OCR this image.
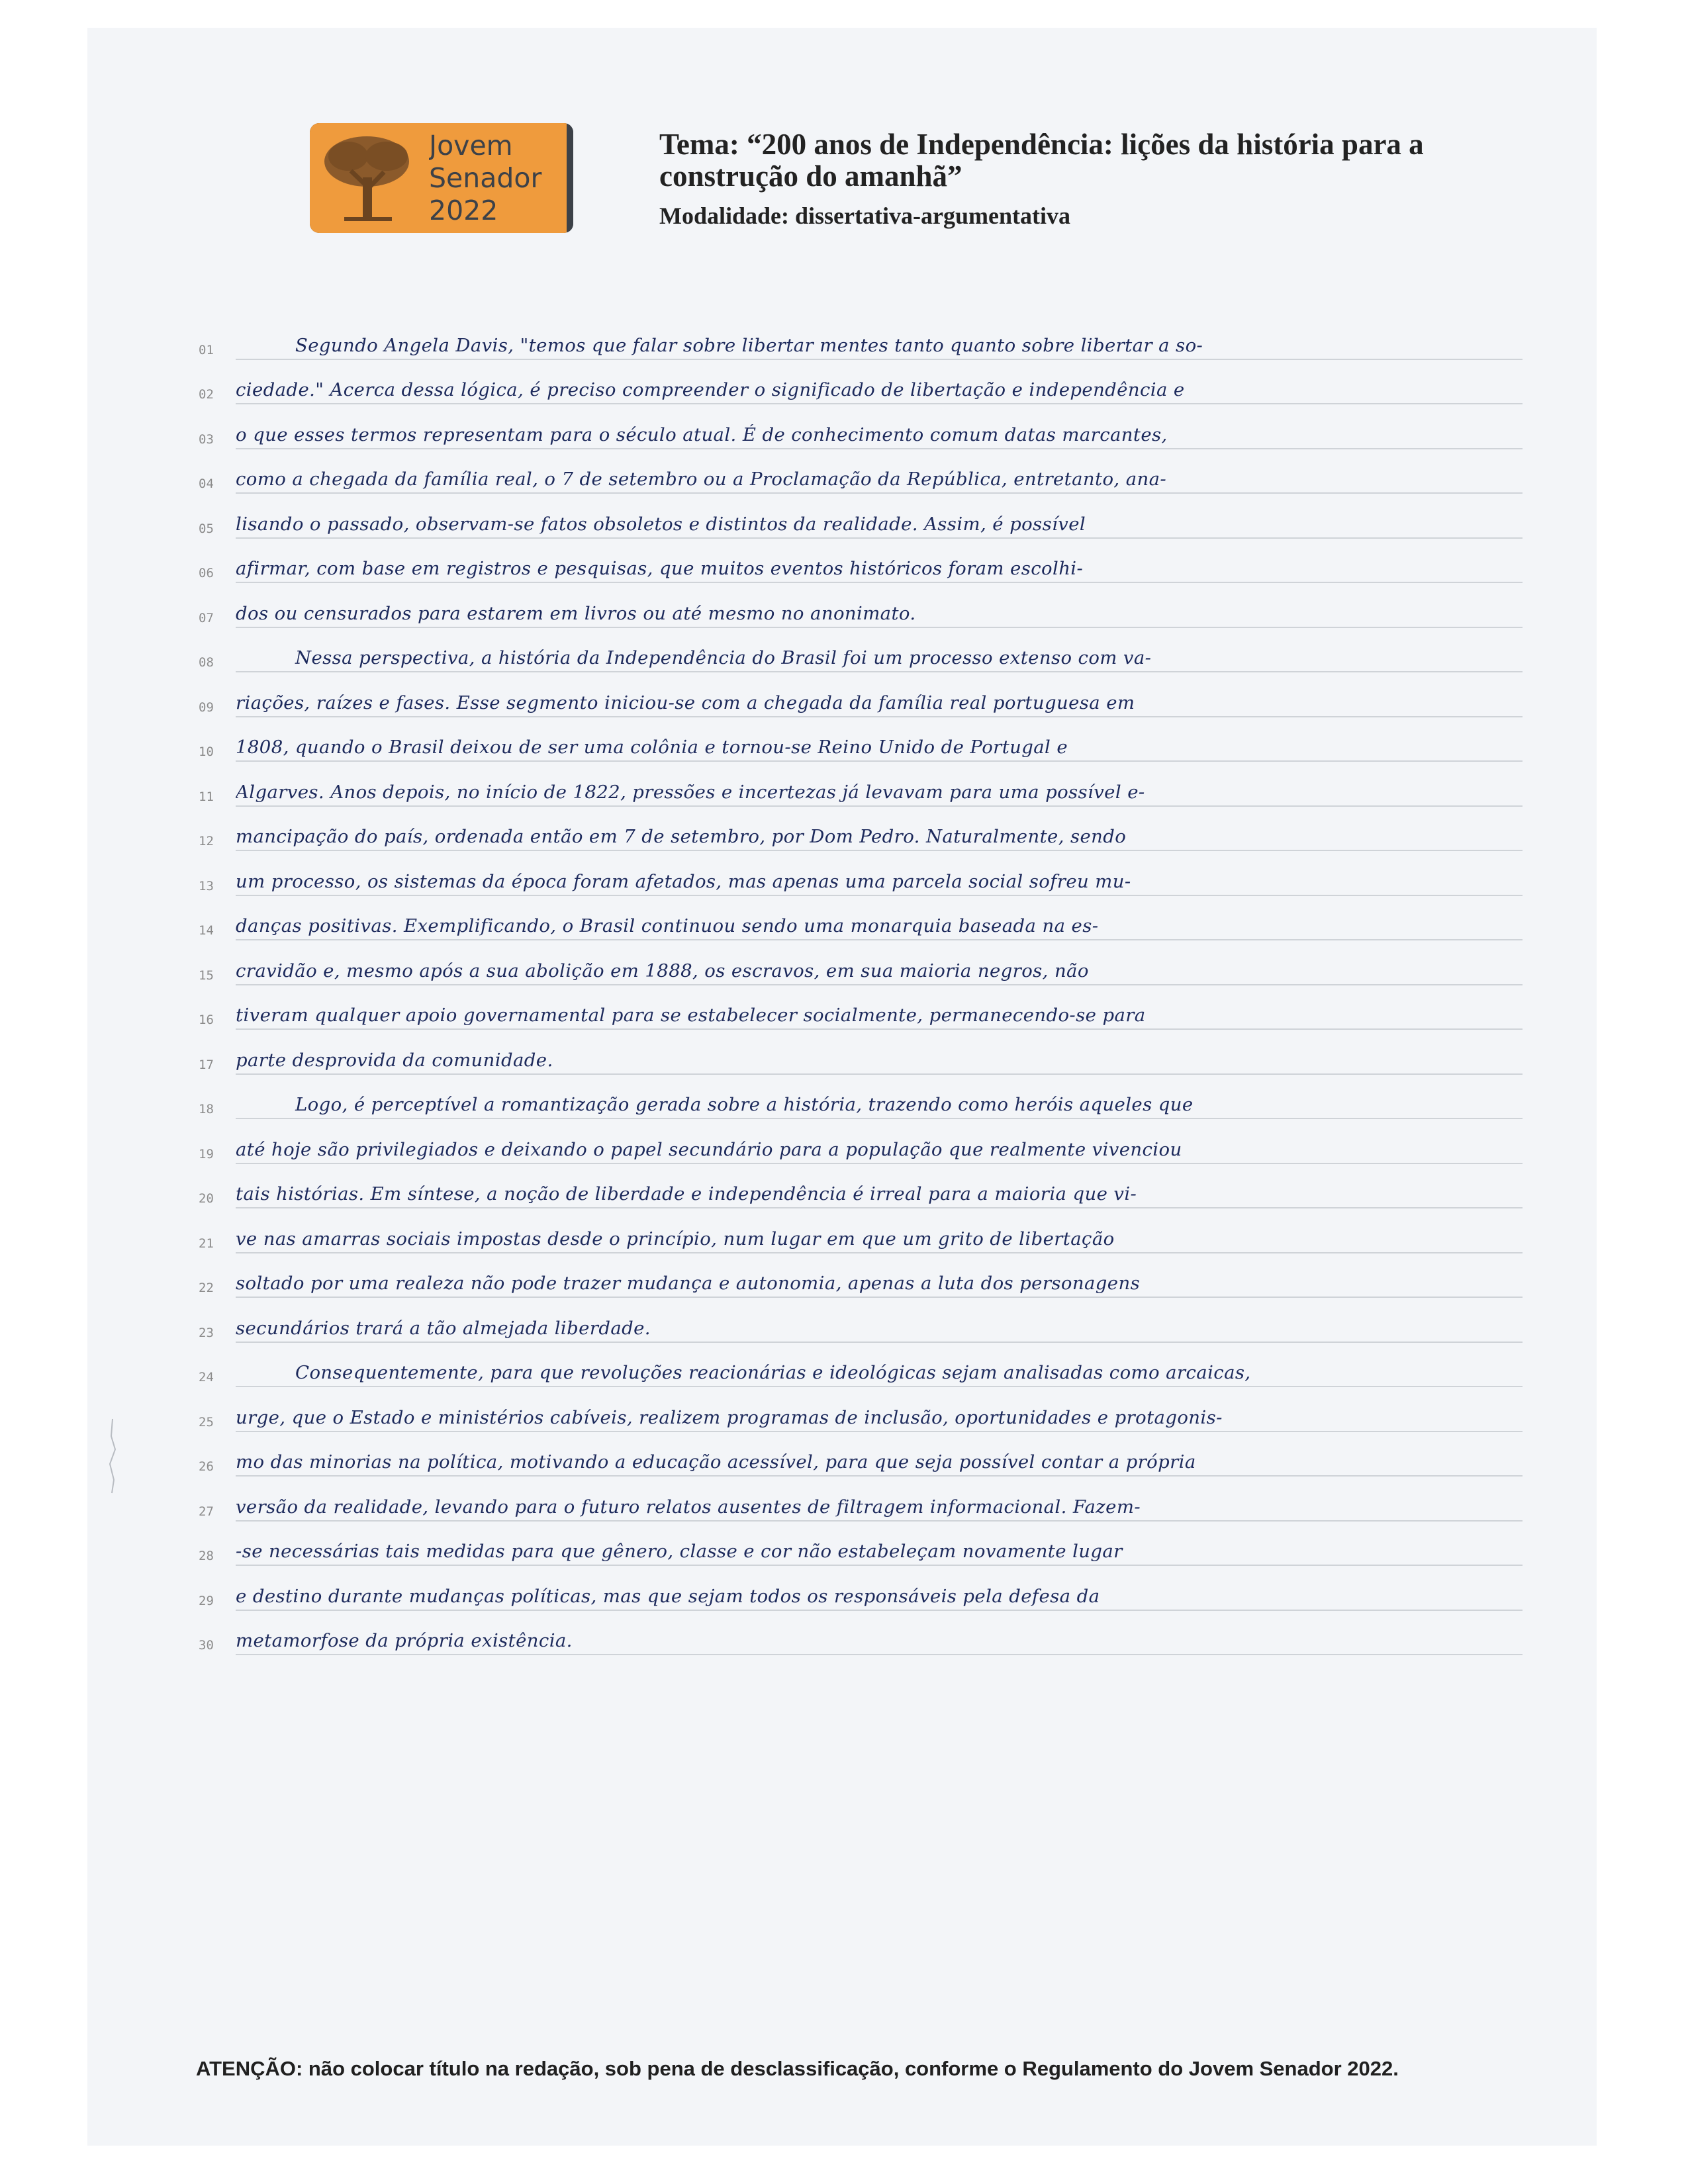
Jovem
Senador
2022

Tema: “200 anos de Independência: lições da história para a construção do amanhã”

Modalidade: dissertativa-argumentativa
01	Segundo Angela Davis, "temos que falar sobre libertar mentes tanto quanto sobre libertar a so-
02	ciedade." Acerca dessa lógica, é preciso compreender o significado de libertação e independência e
03	o que esses termos representam para o século atual. É de conhecimento comum datas marcantes,
04	como a chegada da família real, o 7 de setembro ou a Proclamação da República, entretanto, ana-
05	lisando o passado, observam-se fatos obsoletos e distintos da realidade. Assim, é possível
06	afirmar, com base em registros e pesquisas, que muitos eventos históricos foram escolhi-
07	dos ou censurados para estarem em livros ou até mesmo no anonimato.
08	Nessa perspectiva, a história da Independência do Brasil foi um processo extenso com va-
09	riações, raízes e fases. Esse segmento iniciou-se com a chegada da família real portuguesa em
10	1808, quando o Brasil deixou de ser uma colônia e tornou-se Reino Unido de Portugal e
11	Algarves. Anos depois, no início de 1822, pressões e incertezas já levavam para uma possível e-
12	mancipação do país, ordenada então em 7 de setembro, por Dom Pedro. Naturalmente, sendo
13	um processo, os sistemas da época foram afetados, mas apenas uma parcela social sofreu mu-
14	danças positivas. Exemplificando, o Brasil continuou sendo uma monarquia baseada na es-
15	cravidão e, mesmo após a sua abolição em 1888, os escravos, em sua maioria negros, não
16	tiveram qualquer apoio governamental para se estabelecer socialmente, permanecendo-se para
17	parte desprovida da comunidade.
18	Logo, é perceptível a romantização gerada sobre a história, trazendo como heróis aqueles que
19	até hoje são privilegiados e deixando o papel secundário para a população que realmente vivenciou
20	tais histórias. Em síntese, a noção de liberdade e independência é irreal para a maioria que vi-
21	ve nas amarras sociais impostas desde o princípio, num lugar em que um grito de libertação
22	soltado por uma realeza não pode trazer mudança e autonomia, apenas a luta dos personagens
23	secundários trará a tão almejada liberdade.
24	Consequentemente, para que revoluções reacionárias e ideológicas sejam analisadas como arcaicas,
25	urge, que o Estado e ministérios cabíveis, realizem programas de inclusão, oportunidades e protagonis-
26	mo das minorias na política, motivando a educação acessível, para que seja possível contar a própria
27	versão da realidade, levando para o futuro relatos ausentes de filtragem informacional. Fazem-
28	-se necessárias tais medidas para que gênero, classe e cor não estabeleçam novamente lugar
29	e destino durante mudanças políticas, mas que sejam todos os responsáveis pela defesa da
30	metamorfose da própria existência.
ATENÇÃO: não colocar título na redação, sob pena de desclassificação, conforme o Regulamento do Jovem Senador 2022.
